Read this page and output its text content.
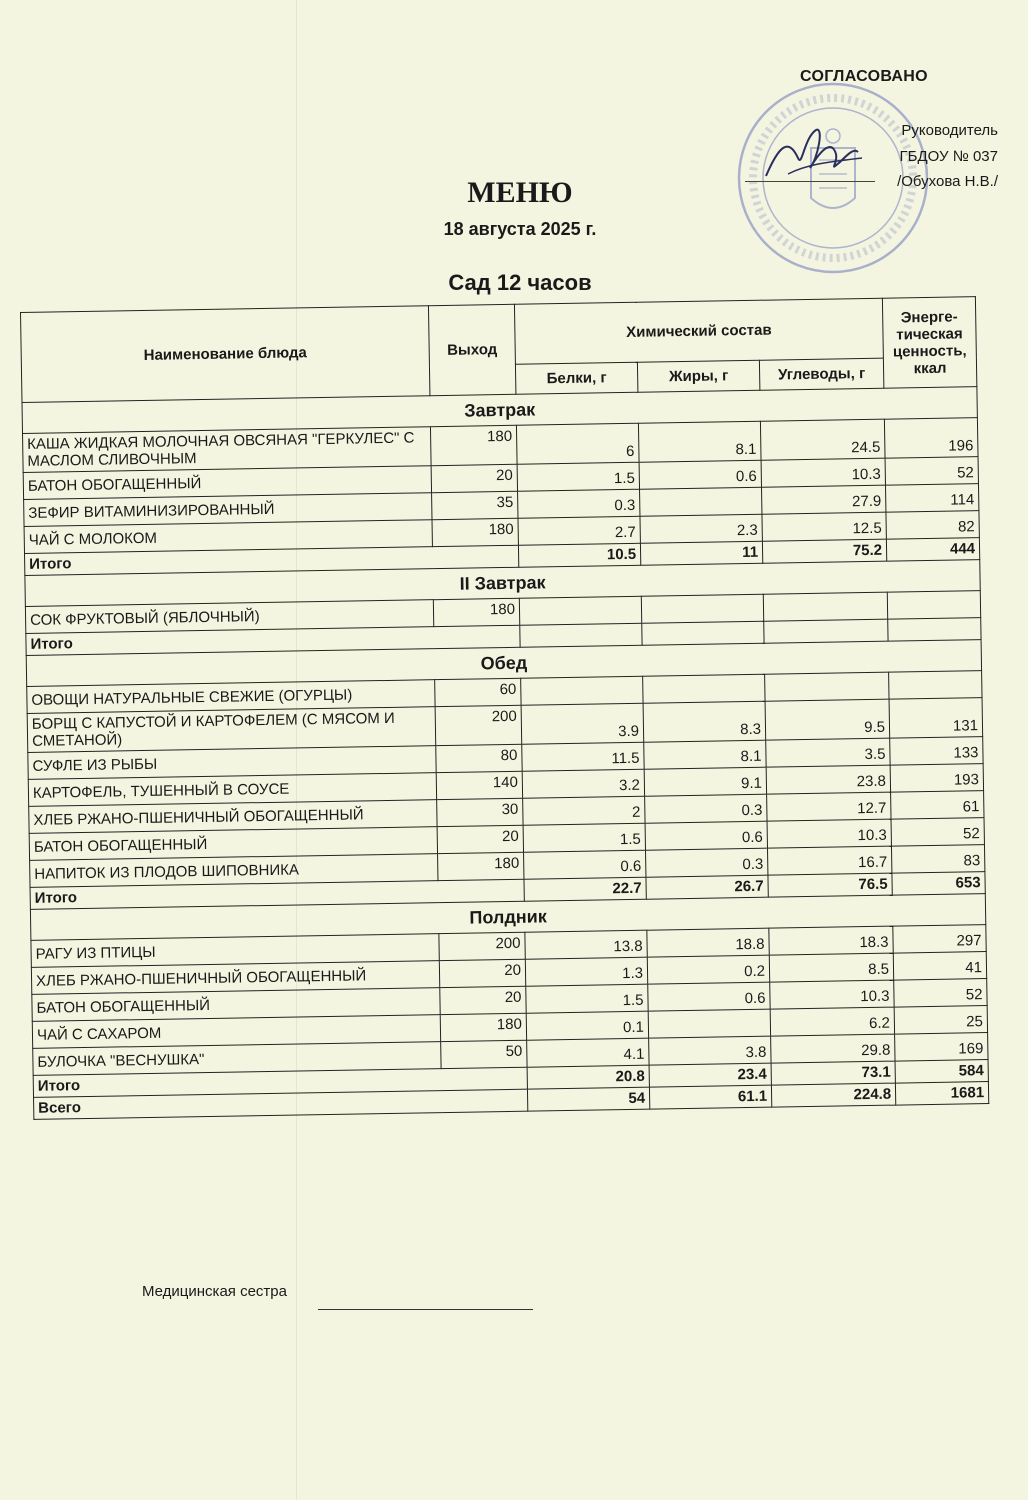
СОГЛАСОВАНО
Руководитель
ГБДОУ № 037
/Обухова Н.В./
МЕНЮ
18 августа 2025 г.
Сад 12 часов
Наименование блюда	Выход	Химический состав			Энерге-тическая ценность, ккал
		Белки, г	Жиры, г	Углеводы, г	
Завтрак					
КАША ЖИДКАЯ МОЛОЧНАЯ ОВСЯНАЯ "ГЕРКУЛЕС" С МАСЛОМ СЛИВОЧНЫМ	180	6	8.1	24.5	196
БАТОН ОБОГАЩЕННЫЙ	20	1.5	0.6	10.3	52
ЗЕФИР ВИТАМИНИЗИРОВАННЫЙ	35	0.3		27.9	114
ЧАЙ С МОЛОКОМ	180	2.7	2.3	12.5	82
Итого		10.5	11	75.2	444
II Завтрак					
СОК ФРУКТОВЫЙ (ЯБЛОЧНЫЙ)	180				
Итого					
Обед					
ОВОЩИ НАТУРАЛЬНЫЕ СВЕЖИЕ (ОГУРЦЫ)	60				
БОРЩ С КАПУСТОЙ И КАРТОФЕЛЕМ (С МЯСОМ И СМЕТАНОЙ)	200	3.9	8.3	9.5	131
СУФЛЕ ИЗ РЫБЫ	80	11.5	8.1	3.5	133
КАРТОФЕЛЬ, ТУШЕННЫЙ В СОУСЕ	140	3.2	9.1	23.8	193
ХЛЕБ РЖАНО-ПШЕНИЧНЫЙ ОБОГАЩЕННЫЙ	30	2	0.3	12.7	61
БАТОН ОБОГАЩЕННЫЙ	20	1.5	0.6	10.3	52
НАПИТОК ИЗ ПЛОДОВ ШИПОВНИКА	180	0.6	0.3	16.7	83
Итого		22.7	26.7	76.5	653
Полдник					
РАГУ ИЗ ПТИЦЫ	200	13.8	18.8	18.3	297
ХЛЕБ РЖАНО-ПШЕНИЧНЫЙ ОБОГАЩЕННЫЙ	20	1.3	0.2	8.5	41
БАТОН ОБОГАЩЕННЫЙ	20	1.5	0.6	10.3	52
ЧАЙ С САХАРОМ	180	0.1		6.2	25
БУЛОЧКА "ВЕСНУШКА"	50	4.1	3.8	29.8	169
Итого		20.8	23.4	73.1	584
Всего		54	61.1	224.8	1681
Медицинская сестра
